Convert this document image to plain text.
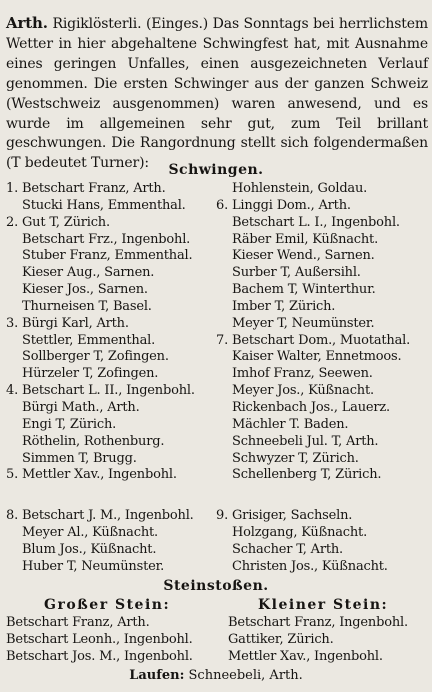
Arth. Rigiklösterli. (Einges.) Das Sonntags bei herrlichstem Wetter in hier abgehaltene Schwingfest hat, mit Ausnahme eines geringen Unfalles, einen ausgezeichneten Verlauf genommen. Die ersten Schwinger aus der ganzen Schweiz (Westschweiz ausgenommen) waren anwesend, und es wurde im allgemeinen sehr gut, zum Teil brillant geschwungen. Die Rangordnung stellt sich folgendermaßen (T bedeutet Turner):	Schwingen.
1. Betschart Franz, Arth.
Stucki Hans, Emmenthal.
2. Gut T, Zürich.
Betschart Frz., Ingenbohl.
Stuber Franz, Emmenthal.
Kieser Aug., Sarnen.
Kieser Jos., Sarnen.
Thurneisen T, Basel.
3. Bürgi Karl, Arth.
Stettler, Emmenthal.
Sollberger T, Zofingen.
Hürzeler T, Zofingen.
4. Betschart L. II., Ingenbohl.
Bürgi Math., Arth.
Engi T, Zürich.
Röthelin, Rothenburg.
Simmen T, Brugg.
5. Mettler Xav., Ingenbohl.
Hohlenstein, Goldau.
6. Linggi Dom., Arth.
Betschart L. I., Ingenbohl.
Räber Emil, Küßnacht.
Kieser Wend., Sarnen.
Surber T, Außersihl.
Bachem T, Winterthur.
Imber T, Zürich.
Meyer T, Neumünster.
7. Betschart Dom., Muotathal.
Kaiser Walter, Ennetmoos.
Imhof Franz, Seewen.
Meyer Jos., Küßnacht.
Rickenbach Jos., Lauerz.
Mächler T. Baden.
Schneebeli Jul. T, Arth.
Schwyzer T, Zürich.
Schellenberg T, Zürich.
8. Betschart J. M., Ingenbohl.
Meyer Al., Küßnacht.
Blum Jos., Küßnacht.
Huber T, Neumünster.
9. Grisiger, Sachseln.
Holzgang, Küßnacht.
Schacher T, Arth.
Christen Jos., Küßnacht.
Steinstoßen.
Großer Stein:	Kleiner Stein:
Betschart Franz, Arth.
Betschart Leonh., Ingenbohl.
Betschart Jos. M., Ingenbohl.
Betschart Franz, Ingenbohl.
Gattiker, Zürich.
Mettler Xav., Ingenbohl.
Laufen: Schneebeli, Arth.
